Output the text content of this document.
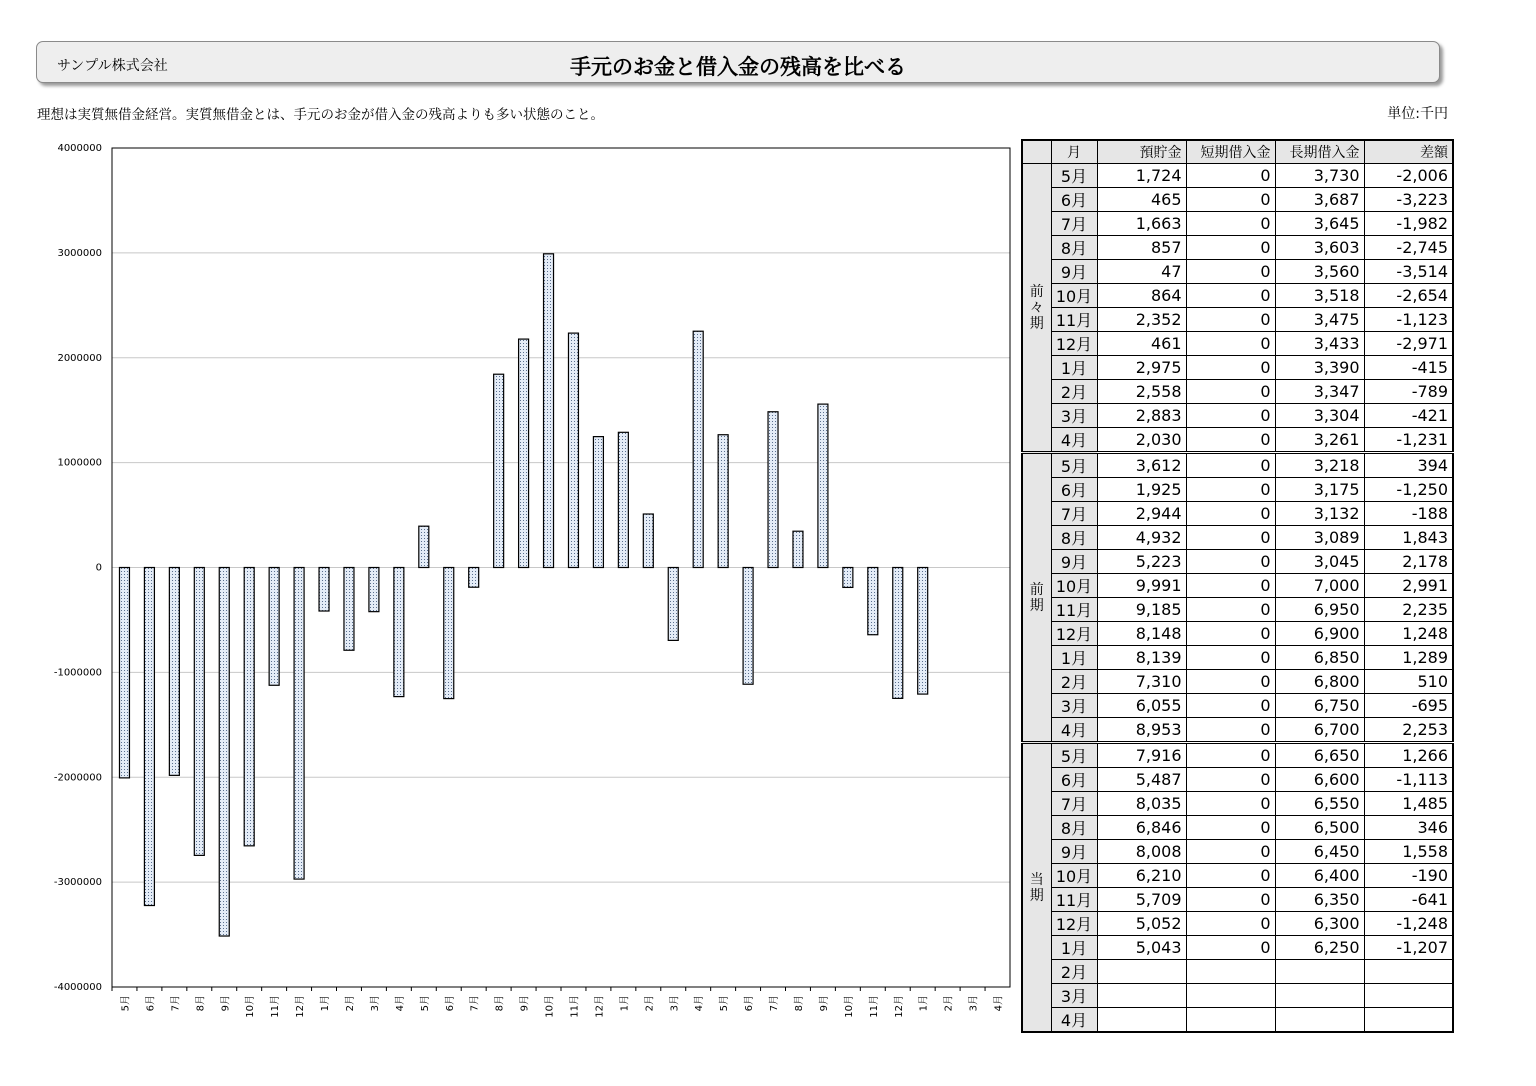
サンプル株式会社	手元のお金と借入金の残高を比べる
理想は実質無借金経営。実質無借金とは、手元のお金が借入金の残高よりも多い状態のこと。	単位:千円
4000000
3000000
2000000
1000000
0
-1000000
-2000000
-3000000
-4000000
5月 6月 7月 8月 9月 10月 11月 12月 1月 2月 3月 4月 5月 6月 7月 8月 9月 10月 11月 12月 1月 2月 3月 4月 5月 6月 7月 8月 9月 10月 11月 12月 1月 2月 3月 4月
	月	預貯金	短期借入金	長期借入金	差額

前
々
期	5月	1,724	0	3,730	-2,006
	6月	465	0	3,687	-3,223
	7月	1,663	0	3,645	-1,982
	8月	857	0	3,603	-2,745
	9月	47	0	3,560	-3,514
	10月	864	0	3,518	-2,654
	11月	2,352	0	3,475	-1,123
	12月	461	0	3,433	-2,971
	1月	2,975	0	3,390	-415
	2月	2,558	0	3,347	-789
	3月	2,883	0	3,304	-421
	4月	2,030	0	3,261	-1,231

前
期	5月	3,612	0	3,218	394
	6月	1,925	0	3,175	-1,250
	7月	2,944	0	3,132	-188
	8月	4,932	0	3,089	1,843
	9月	5,223	0	3,045	2,178
	10月	9,991	0	7,000	2,991
	11月	9,185	0	6,950	2,235
	12月	8,148	0	6,900	1,248
	1月	8,139	0	6,850	1,289
	2月	7,310	0	6,800	510
	3月	6,055	0	6,750	-695
	4月	8,953	0	6,700	2,253

当
期	5月	7,916	0	6,650	1,266
	6月	5,487	0	6,600	-1,113
	7月	8,035	0	6,550	1,485
	8月	6,846	0	6,500	346
	9月	8,008	0	6,450	1,558
	10月	6,210	0	6,400	-190
	11月	5,709	0	6,350	-641
	12月	5,052	0	6,300	-1,248
	1月	5,043	0	6,250	-1,207
	2月				
	3月				
	4月				
